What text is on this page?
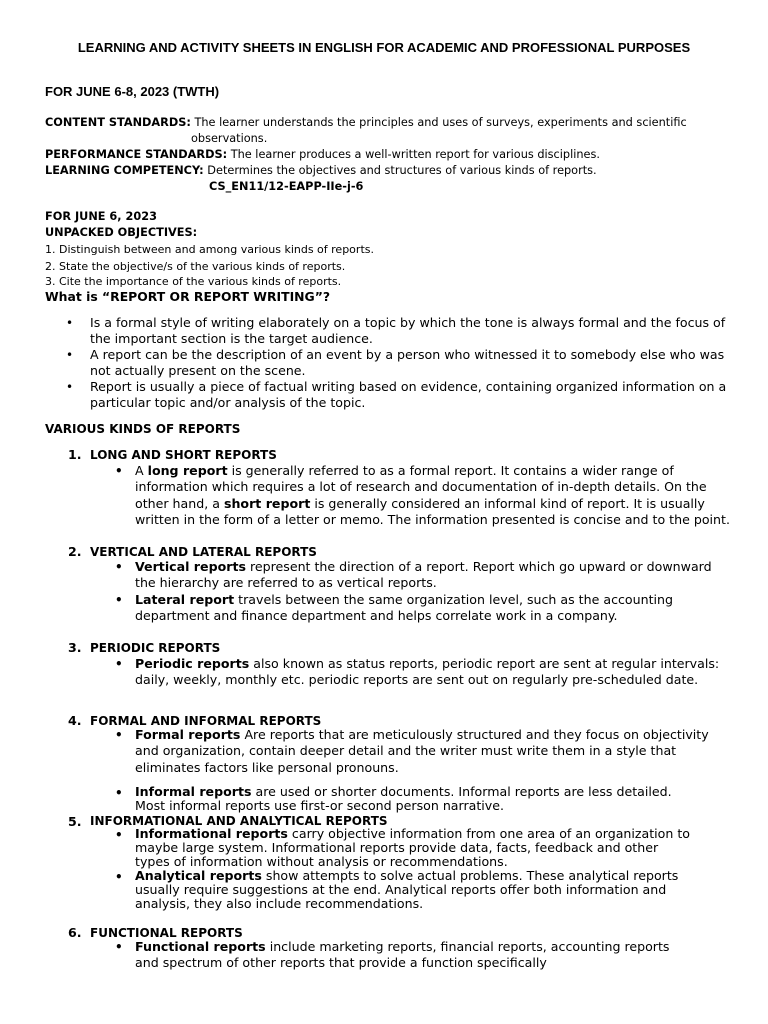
LEARNING AND ACTIVITY SHEETS IN ENGLISH FOR ACADEMIC AND PROFESSIONAL PURPOSES
FOR JUNE 6-8, 2023 (TWTH)
CONTENT STANDARDS: The learner understands the principles and uses of surveys, experiments and scientific
observations.
PERFORMANCE STANDARDS: The learner produces a well-written report for various disciplines.
LEARNING COMPETENCY: Determines the objectives and structures of various kinds of reports.
CS_EN11/12-EAPP-IIe-j-6
FOR JUNE 6, 2023
UNPACKED OBJECTIVES:
1. Distinguish between and among various kinds of reports.
2. State the objective/s of the various kinds of reports.
3. Cite the importance of the various kinds of reports.
What is “REPORT OR REPORT WRITING”?
• Is a formal style of writing elaborately on a topic by which the tone is always formal and the focus of the important section is the target audience.
• A report can be the description of an event by a person who witnessed it to somebody else who was not actually present on the scene.
• Report is usually a piece of factual writing based on evidence, containing organized information on a particular topic and/or analysis of the topic.
VARIOUS KINDS OF REPORTS
1. LONG AND SHORT REPORTS
• A long report is generally referred to as a formal report. It contains a wider range of information which requires a lot of research and documentation of in-depth details. On the other hand, a short report is generally considered an informal kind of report. It is usually written in the form of a letter or memo. The information presented is concise and to the point.
2. VERTICAL AND LATERAL REPORTS
• Vertical reports represent the direction of a report. Report which go upward or downward the hierarchy are referred to as vertical reports.
• Lateral report travels between the same organization level, such as the accounting department and finance department and helps correlate work in a company.
3. PERIODIC REPORTS
• Periodic reports also known as status reports, periodic report are sent at regular intervals: daily, weekly, monthly etc. periodic reports are sent out on regularly pre-scheduled date.
4. FORMAL AND INFORMAL REPORTS
• Formal reports Are reports that are meticulously structured and they focus on objectivity and organization, contain deeper detail and the writer must write them in a style that eliminates factors like personal pronouns.
• Informal reports are used or shorter documents. Informal reports are less detailed. Most informal reports use first-or second person narrative.
5. INFORMATIONAL AND ANALYTICAL REPORTS
• Informational reports carry objective information from one area of an organization to maybe large system. Informational reports provide data, facts, feedback and other types of information without analysis or recommendations.
• Analytical reports show attempts to solve actual problems. These analytical reports usually require suggestions at the end. Analytical reports offer both information and analysis, they also include recommendations.
6. FUNCTIONAL REPORTS
• Functional reports include marketing reports, financial reports, accounting reports and spectrum of other reports that provide a function specifically
